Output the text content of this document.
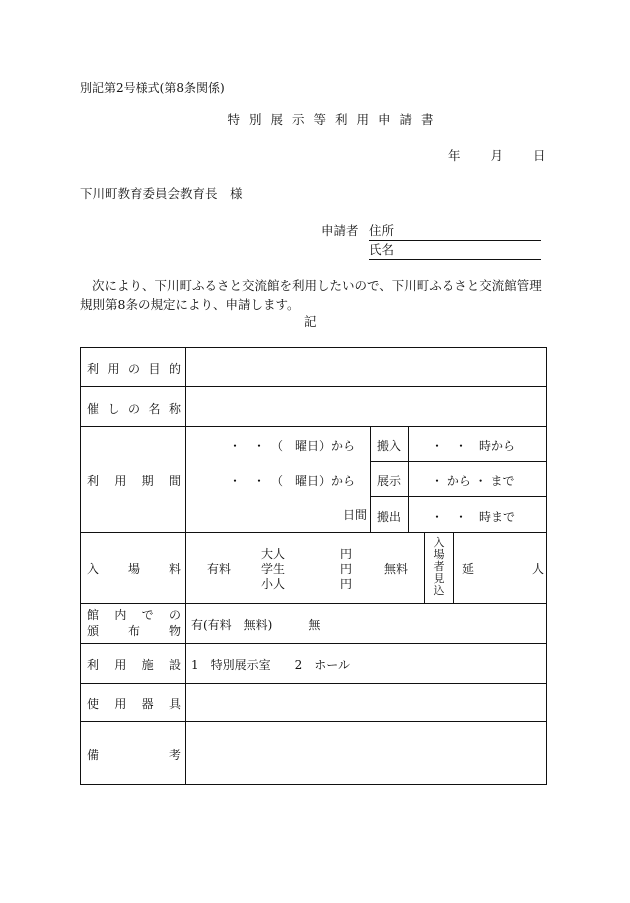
別記第2号様式(第8条関係)
特別展示等利用申請書
年 月 日
下川町教育委員会教育長　様
申請者 住所
氏名
次により、下川町ふるさと交流館を利用したいので、下川町ふるさと交流館管理規則第8条の規定により、申請します。
記
利 用 の 目 的
催 し の 名 称
利 用 期 間
・　・　（　曜日）から
・　・　（　曜日）から
日間
搬入 ・　・　時から
展示 ・ から ・ まで
搬出 ・　・　時まで
入 場 料 有料
大人
学生
小人
円
円
円
無料
入場者見込
延	人
館 内 で の
頒 布 物 有(有料　無料)　　　無
利 用 施 設 1　特別展示室　　2　ホール
使 用 器 具
備	考
